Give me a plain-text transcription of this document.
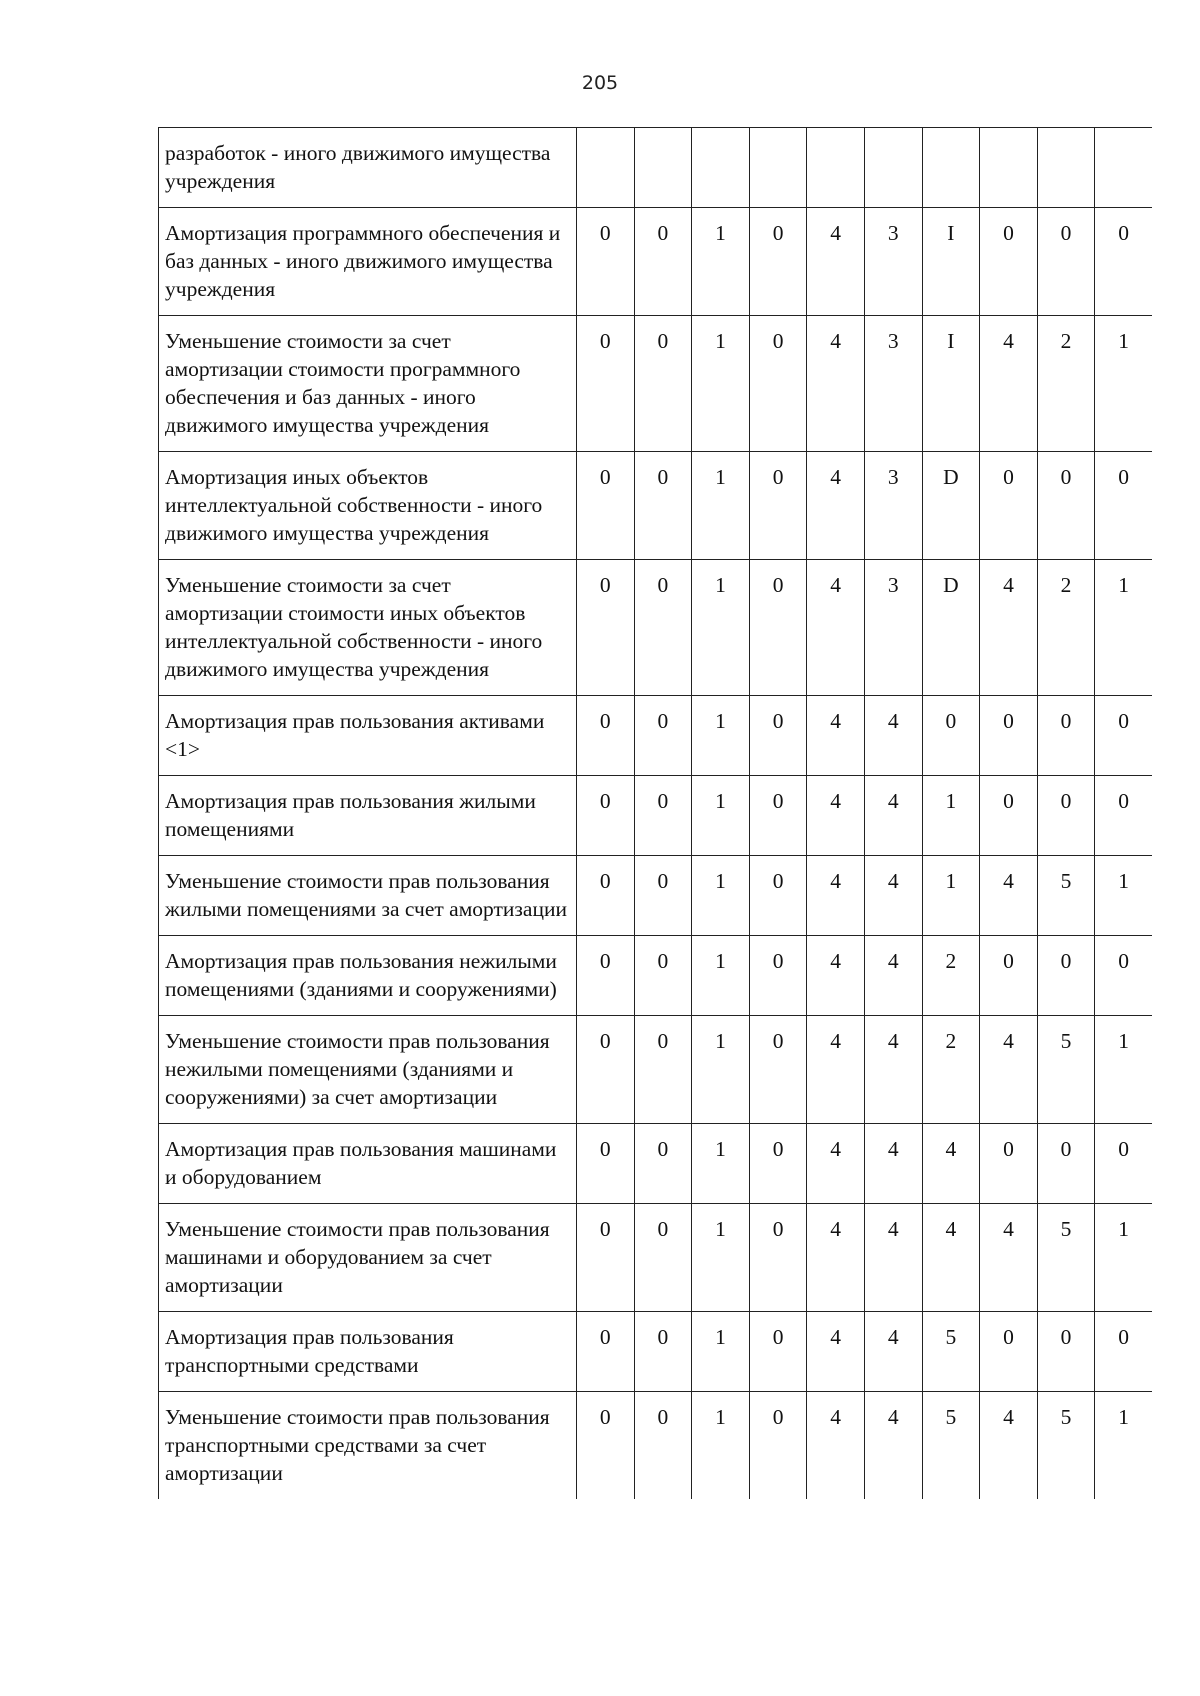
205
разработок - иного движимого имущества учреждения										
Амортизация программного обеспечения и баз данных - иного движимого имущества учреждения	0	0	1	0	4	3	I	0	0	0
Уменьшение стоимости за счет амортизации стоимости программного обеспечения и баз данных - иного движимого имущества учреждения	0	0	1	0	4	3	I	4	2	1
Амортизация иных объектов интеллектуальной собственности - иного движимого имущества учреждения	0	0	1	0	4	3	D	0	0	0
Уменьшение стоимости за счет амортизации стоимости иных объектов интеллектуальной собственности - иного движимого имущества учреждения	0	0	1	0	4	3	D	4	2	1
Амортизация прав пользования активами <1>	0	0	1	0	4	4	0	0	0	0
Амортизация прав пользования жилыми помещениями	0	0	1	0	4	4	1	0	0	0
Уменьшение стоимости прав пользования жилыми помещениями за счет амортизации	0	0	1	0	4	4	1	4	5	1
Амортизация прав пользования нежилыми помещениями (зданиями и сооружениями)	0	0	1	0	4	4	2	0	0	0
Уменьшение стоимости прав пользования нежилыми помещениями (зданиями и сооружениями) за счет амортизации	0	0	1	0	4	4	2	4	5	1
Амортизация прав пользования машинами и оборудованием	0	0	1	0	4	4	4	0	0	0
Уменьшение стоимости прав пользования машинами и оборудованием за счет амортизации	0	0	1	0	4	4	4	4	5	1
Амортизация прав пользования транспортными средствами	0	0	1	0	4	4	5	0	0	0
Уменьшение стоимости прав пользования транспортными средствами за счет амортизации	0	0	1	0	4	4	5	4	5	1
